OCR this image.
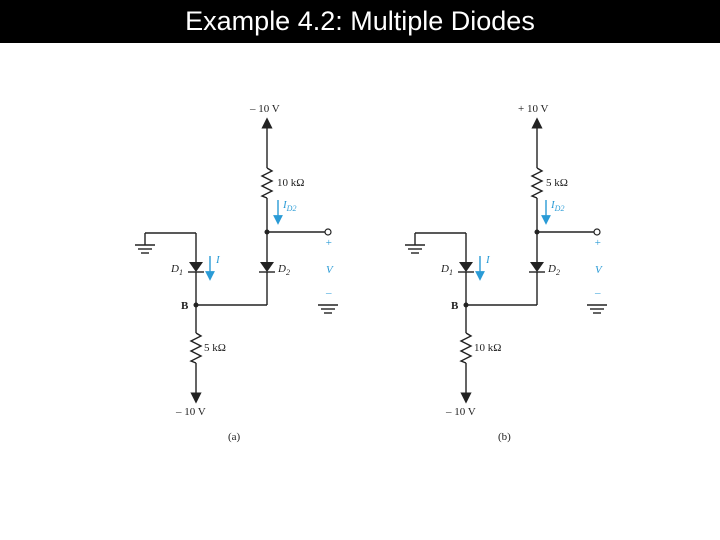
Example 4.2: Multiple Diodes
– 10 V
10 kΩ
$I_{D2}$
+
V
–
$D_2$
$D_1$
I
B
5 kΩ
– 10 V
(a)
+ 10 V
5 kΩ
$I_{D2}$
+
V
–
$D_2$
$D_1$
I
B
10 kΩ
– 10 V
(b)
